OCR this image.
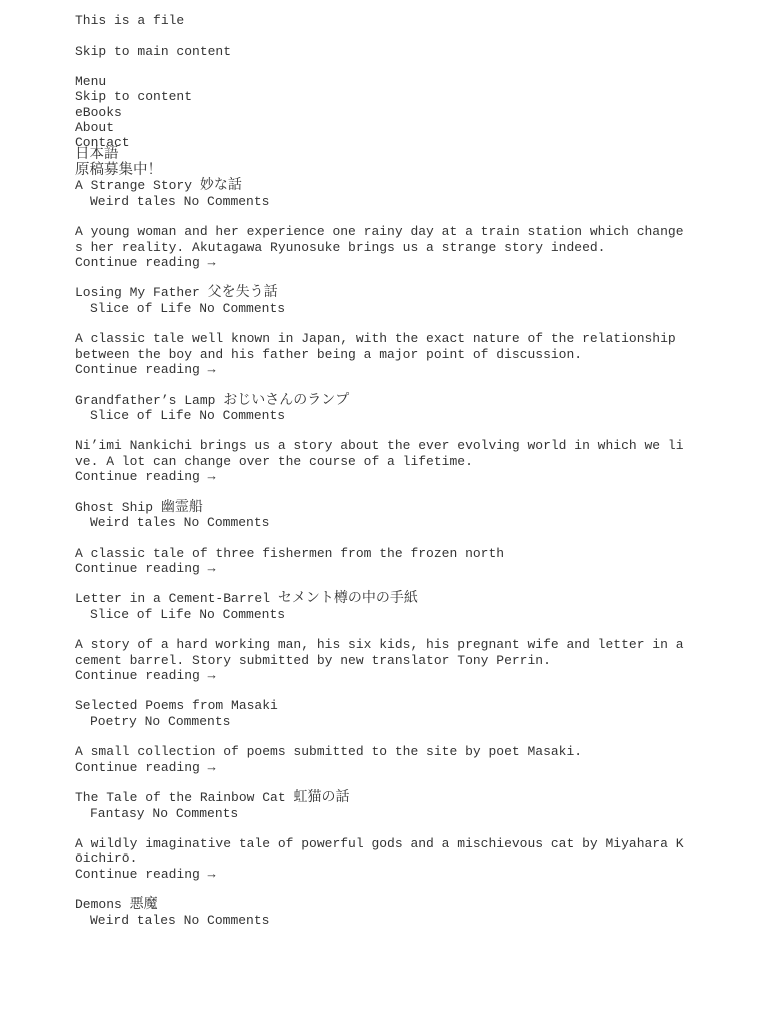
This is a file
Skip to main content
Menu
Skip to content
eBooks
About
Contact
日本語
原稿募集中！
A Strange Story 妙な話
Weird tales No Comments
A young woman and her experience one rainy day at a train station which changes her reality. Akutagawa Ryunosuke brings us a strange story indeed.
Continue reading →
Losing My Father 父を失う話
Slice of Life No Comments
A classic tale well known in Japan, with the exact nature of the relationship between the boy and his father being a major point of discussion.
Continue reading →
Grandfather’s Lamp おじいさんのランプ
Slice of Life No Comments
Ni’imi Nankichi brings us a story about the ever evolving world in which we live. A lot can change over the course of a lifetime.
Continue reading →
Ghost Ship 幽霊船
Weird tales No Comments
A classic tale of three fishermen from the frozen north
Continue reading →
Letter in a Cement-Barrel セメント樽の中の手紙
Slice of Life No Comments
A story of a hard working man, his six kids, his pregnant wife and letter in a cement barrel. Story submitted by new translator Tony Perrin.
Continue reading →
Selected Poems from Masaki
Poetry No Comments
A small collection of poems submitted to the site by poet Masaki.
Continue reading →
The Tale of the Rainbow Cat 虹猫の話
Fantasy No Comments
A wildly imaginative tale of powerful gods and a mischievous cat by Miyahara Kōichirō.
Continue reading →
Demons 悪魔
Weird tales No Comments
